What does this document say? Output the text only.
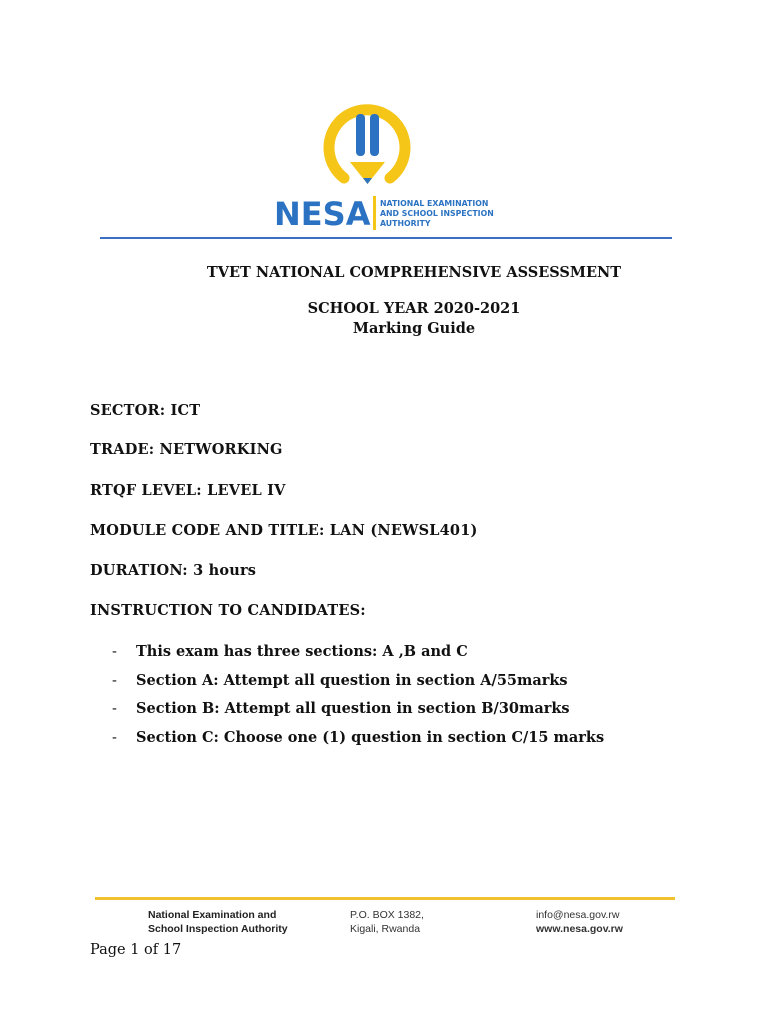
NESA NATIONAL EXAMINATION
AND SCHOOL INSPECTION
AUTHORITY
TVET NATIONAL COMPREHENSIVE ASSESSMENT
SCHOOL YEAR 2020-2021
Marking Guide
SECTOR: ICT
TRADE: NETWORKING
RTQF LEVEL: LEVEL IV
MODULE CODE AND TITLE: LAN (NEWSL401)
DURATION: 3 hours
INSTRUCTION TO CANDIDATES:
- This exam has three sections: A ,B and C
- Section A: Attempt all question in section A/55marks
- Section B: Attempt all question in section B/30marks
- Section C: Choose one (1) question in section C/15 marks
National Examination and
School Inspection Authority
P.O. BOX 1382,
Kigali, Rwanda
info@nesa.gov.rw
www.nesa.gov.rw
Page 1 of 17
